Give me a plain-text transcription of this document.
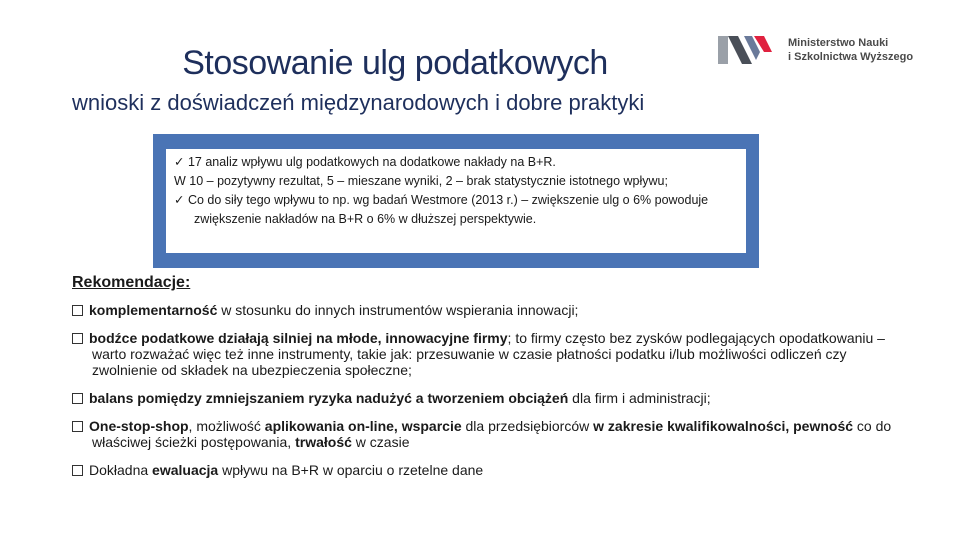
Stosowanie ulg podatkowych
wnioski z doświadczeń międzynarodowych i dobre praktyki
Ministerstwo Nauki
i Szkolnictwa Wyższego
✓ 17 analiz wpływu ulg podatkowych na dodatkowe nakłady na B+R.
W 10 – pozytywny rezultat, 5 – mieszane wyniki, 2 – brak statystycznie istotnego wpływu;
✓ Co do siły tego wpływu to np. wg badań Westmore (2013 r.) – zwiększenie ulg o 6% powoduje zwiększenie nakładów na B+R o 6% w dłuższej perspektywie.
Rekomendacje:
komplementarność w stosunku do innych instrumentów wspierania innowacji;
bodźce podatkowe działają silniej na młode, innowacyjne firmy; to firmy często bez zysków podlegających opodatkowaniu – warto rozważać więc też inne instrumenty, takie jak: przesuwanie w czasie płatności podatku i/lub możliwości odliczeń czy zwolnienie od składek na ubezpieczenia społeczne;
balans pomiędzy zmniejszaniem ryzyka nadużyć a tworzeniem obciążeń dla firm i administracji;
One-stop-shop, możliwość aplikowania on-line, wsparcie dla przedsiębiorców w zakresie kwalifikowalności, pewność co do właściwej ścieżki postępowania, trwałość w czasie
Dokładna ewaluacja wpływu na B+R w oparciu o rzetelne dane
